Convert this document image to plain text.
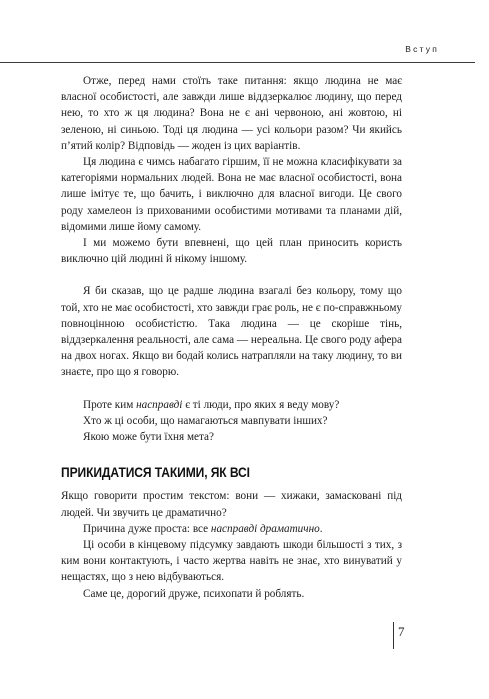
Вступ

Отже, перед нами стоїть таке питання: якщо людина не має власної особистості, але завжди лише віддзеркалює людину, що перед нею, то хто ж ця людина? Вона не є ані червоною, ані жовтою, ні зеленою, ні синьою. Тоді ця людина — усі кольори разом? Чи якийсь п’ятий колір? Відповідь — жоден із цих варіантів.

Ця людина є чимсь набагато гіршим, її не можна класифікувати за категоріями нормальних людей. Вона не має власної особистості, вона лише імітує те, що бачить, і виключно для власної вигоди. Це свого роду хамелеон із прихованими особистими мотивами та планами дій, відомими лише йому самому.

І ми можемо бути впевнені, що цей план приносить користь виключно цій людині й нікому іншому.

Я би сказав, що це радше людина взагалі без кольору, тому що той, хто не має особистості, хто завжди грає роль, не є по-справжньому повноцінною особистістю. Така людина — це скоріше тінь, віддзеркалення реальності, але сама — нереальна. Це свого роду афера на двох ногах. Якщо ви бодай колись натрапляли на таку людину, то ви знаєте, про що я говорю.

Проте ким насправді є ті люди, про яких я веду мову?

Хто ж ці особи, що намагаються мавпувати інших?

Якою може бути їхня мета?

ПРИКИДАТИСЯ ТАКИМИ, ЯК ВСІ

Якщо говорити простим текстом: вони — хижаки, замасковані під людей. Чи звучить це драматично?

Причина дуже проста: все насправді драматично.

Ці особи в кінцевому підсумку завдають шкоди більшості з тих, з ким вони контактують, і часто жертва навіть не знає, хто винуватий у нещастях, що з нею відбуваються.

Саме це, дорогий друже, психопати й роблять.

7
